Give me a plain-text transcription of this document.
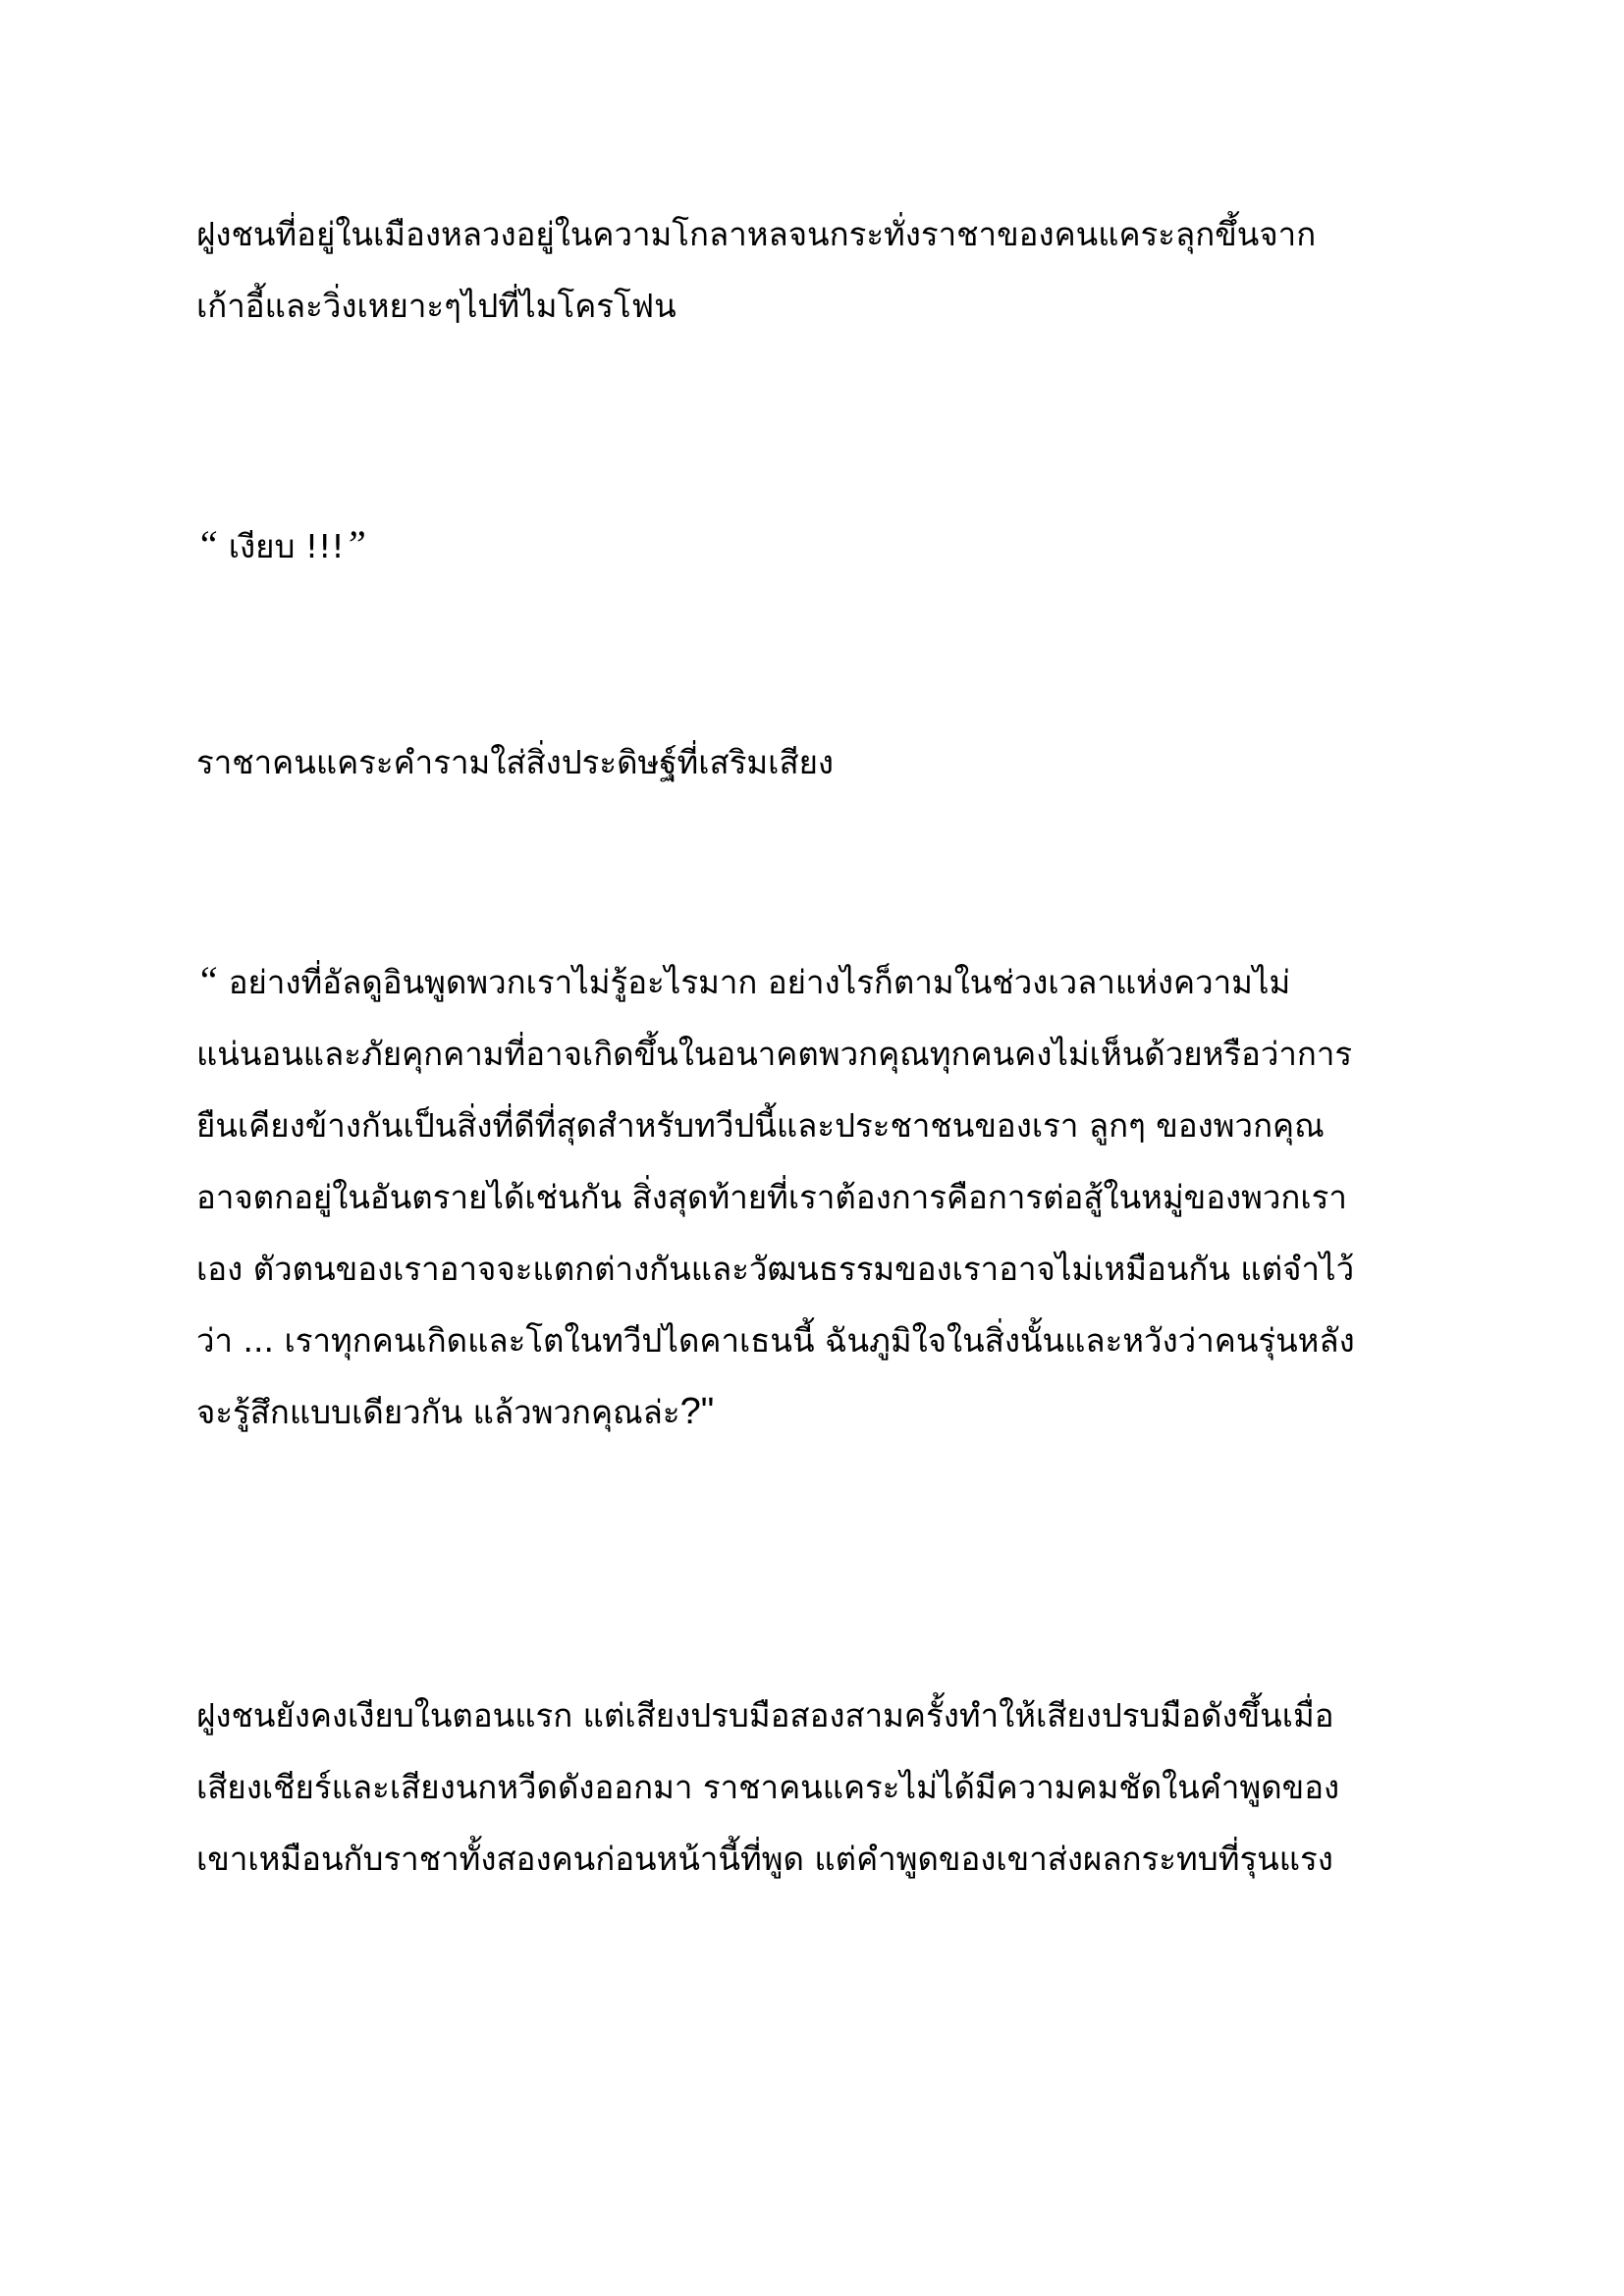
ฝูงชนที่อยู่ในเมืองหลวงอยู่ในความโกลาหลจนกระทั่งราชาของคนแคระลุกขึ้นจาก
เก้าอี้และวิ่งเหยาะๆไปที่ไมโครโฟน

“ เงียบ !!!”

ราชาคนแคระคำรามใส่สิ่งประดิษฐ์ที่เสริมเสียง

“ อย่างที่อัลดูอินพูดพวกเราไม่รู้อะไรมาก อย่างไรก็ตามในช่วงเวลาแห่งความไม่
แน่นอนและภัยคุกคามที่อาจเกิดขึ้นในอนาคตพวกคุณทุกคนคงไม่เห็นด้วยหรือว่าการ
ยืนเคียงข้างกันเป็นสิ่งที่ดีที่สุดสำหรับทวีปนี้และประชาชนของเรา ลูกๆ ของพวกคุณ
อาจตกอยู่ในอันตรายได้เช่นกัน สิ่งสุดท้ายที่เราต้องการคือการต่อสู้ในหมู่ของพวกเรา
เอง ตัวตนของเราอาจจะแตกต่างกันและวัฒนธรรมของเราอาจไม่เหมือนกัน แต่จำไว้
ว่า ... เราทุกคนเกิดและโตในทวีปไดคาเธนนี้ ฉันภูมิใจในสิ่งนั้นและหวังว่าคนรุ่นหลัง
จะรู้สึกแบบเดียวกัน แล้วพวกคุณล่ะ?"

ฝูงชนยังคงเงียบในตอนแรก แต่เสียงปรบมือสองสามครั้งทำให้เสียงปรบมือดังขึ้นเมื่อ
เสียงเชียร์และเสียงนกหวีดดังออกมา ราชาคนแคระไม่ได้มีความคมชัดในคำพูดของ
เขาเหมือนกับราชาทั้งสองคนก่อนหน้านี้ที่พูด แต่คำพูดของเขาส่งผลกระทบที่รุนแรง
